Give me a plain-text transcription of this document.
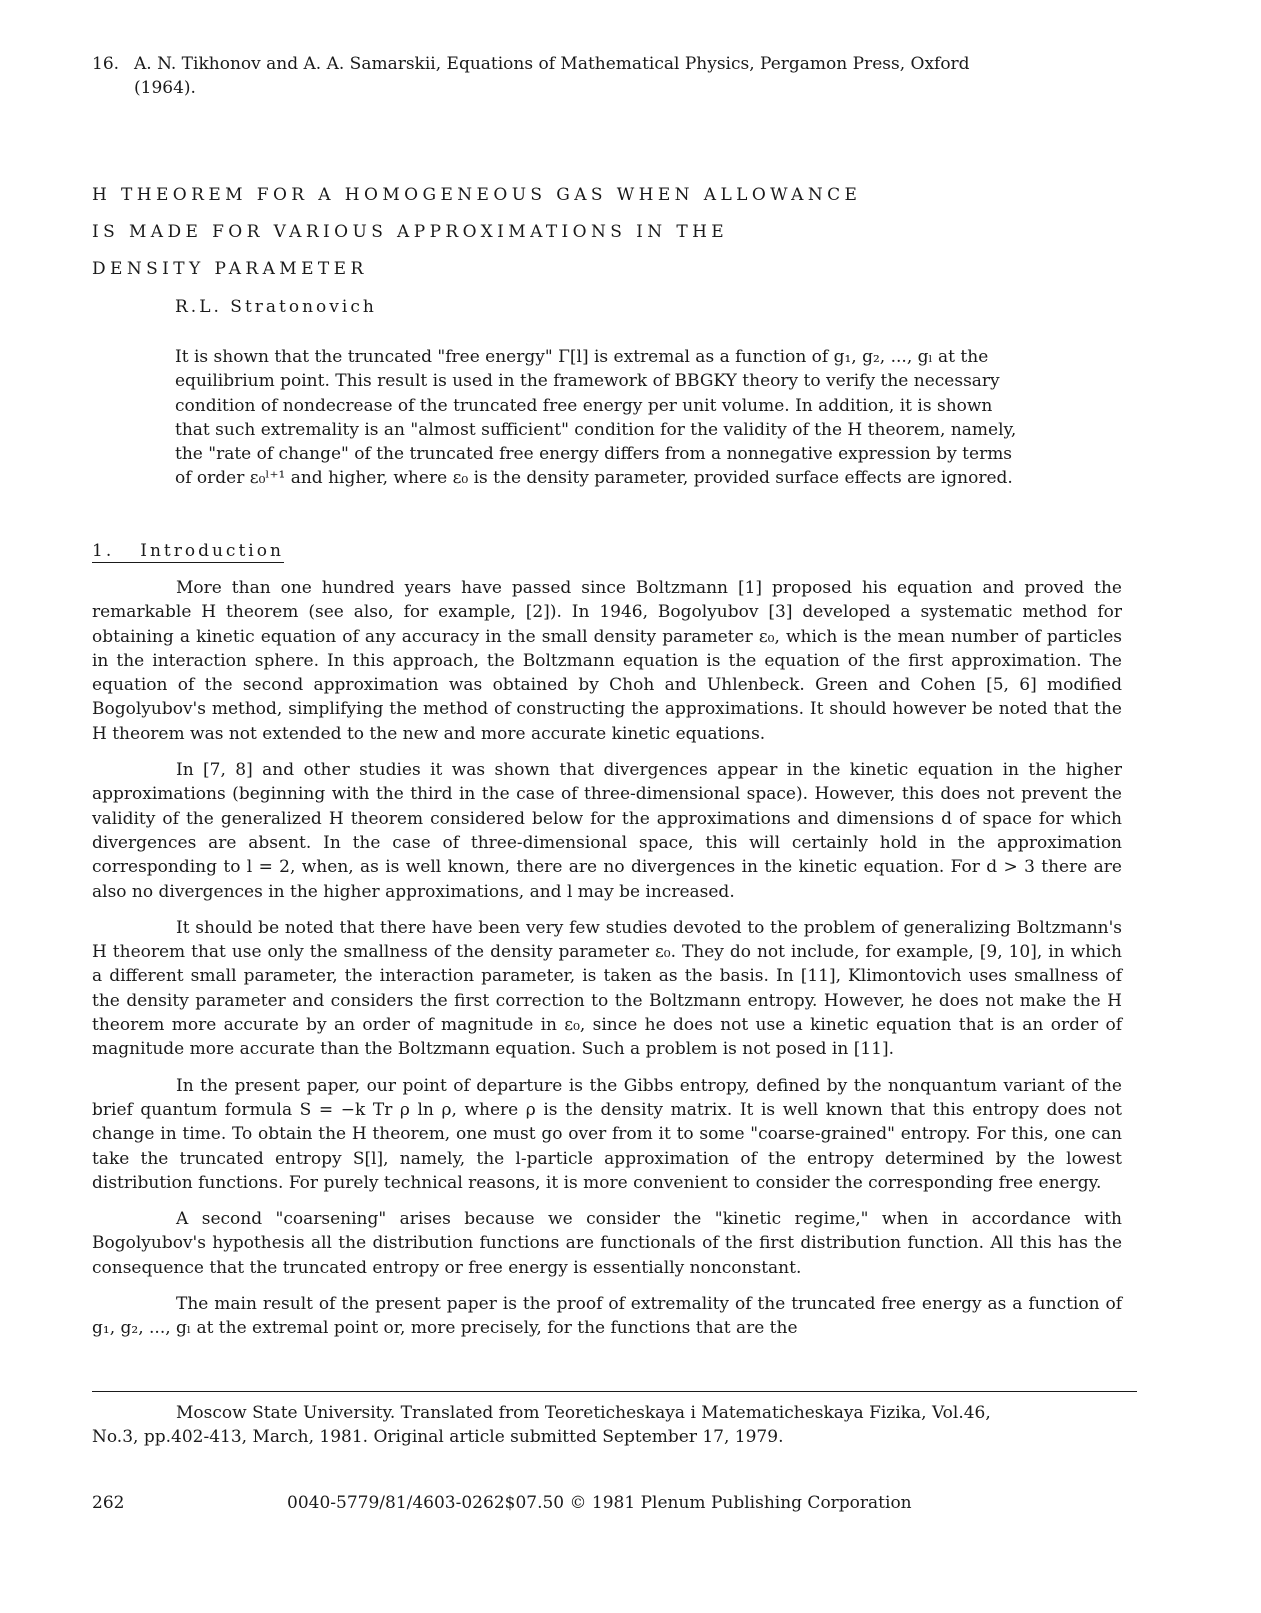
16. A. N. Tikhonov and A. A. Samarskii, Equations of Mathematical Physics, Pergamon Press, Oxford
(1964).
H THEOREM FOR A HOMOGENEOUS GAS WHEN ALLOWANCE
IS MADE FOR VARIOUS APPROXIMATIONS IN THE
DENSITY PARAMETER
R.L. Stratonovich
It is shown that the truncated "free energy" Γ[l] is extremal as a function of g₁, g₂, ..., gₗ at the equilibrium point. This result is used in the framework of BBGKY theory to verify the necessary condition of nondecrease of the truncated free energy per unit volume. In addition, it is shown that such extremality is an "almost sufficient" condition for the validity of the H theorem, namely, the "rate of change" of the truncated free energy differs from a nonnegative expression by terms of order ε₀ˡ⁺¹ and higher, where ε₀ is the density parameter, provided surface effects are ignored.
1. Introduction

More than one hundred years have passed since Boltzmann [1] proposed his equation and proved the remarkable H theorem (see also, for example, [2]). In 1946, Bogolyubov [3] developed a systematic method for obtaining a kinetic equation of any accuracy in the small density parameter ε₀, which is the mean number of particles in the interaction sphere. In this approach, the Boltzmann equation is the equation of the first approximation. The equation of the second approximation was obtained by Choh and Uhlenbeck. Green and Cohen [5, 6] modified Bogolyubov's method, simplifying the method of constructing the approximations. It should however be noted that the H theorem was not extended to the new and more accurate kinetic equations.

In [7, 8] and other studies it was shown that divergences appear in the kinetic equation in the higher approximations (beginning with the third in the case of three-dimensional space). However, this does not prevent the validity of the generalized H theorem considered below for the approximations and dimensions d of space for which divergences are absent. In the case of three-dimensional space, this will certainly hold in the approximation corresponding to l = 2, when, as is well known, there are no divergences in the kinetic equation. For d > 3 there are also no divergences in the higher approximations, and l may be increased.

It should be noted that there have been very few studies devoted to the problem of generalizing Boltzmann's H theorem that use only the smallness of the density parameter ε₀. They do not include, for example, [9, 10], in which a different small parameter, the interaction parameter, is taken as the basis. In [11], Klimontovich uses smallness of the density parameter and considers the first correction to the Boltzmann entropy. However, he does not make the H theorem more accurate by an order of magnitude in ε₀, since he does not use a kinetic equation that is an order of magnitude more accurate than the Boltzmann equation. Such a problem is not posed in [11].

In the present paper, our point of departure is the Gibbs entropy, defined by the nonquantum variant of the brief quantum formula S = −k Tr ρ ln ρ, where ρ is the density matrix. It is well known that this entropy does not change in time. To obtain the H theorem, one must go over from it to some "coarse-grained" entropy. For this, one can take the truncated entropy S[l], namely, the l-particle approximation of the entropy determined by the lowest distribution functions. For purely technical reasons, it is more convenient to consider the corresponding free energy.

A second "coarsening" arises because we consider the "kinetic regime," when in accordance with Bogolyubov's hypothesis all the distribution functions are functionals of the first distribution function. All this has the consequence that the truncated entropy or free energy is essentially nonconstant.

The main result of the present paper is the proof of extremality of the truncated free energy as a function of g₁, g₂, ..., gₗ at the extremal point or, more precisely, for the functions that are the

Moscow State University. Translated from Teoreticheskaya i Matematicheskaya Fizika, Vol.46,
No.3, pp.402-413, March, 1981. Original article submitted September 17, 1979.
262	0040-5779/81/4603-0262$07.50 © 1981 Plenum Publishing Corporation
